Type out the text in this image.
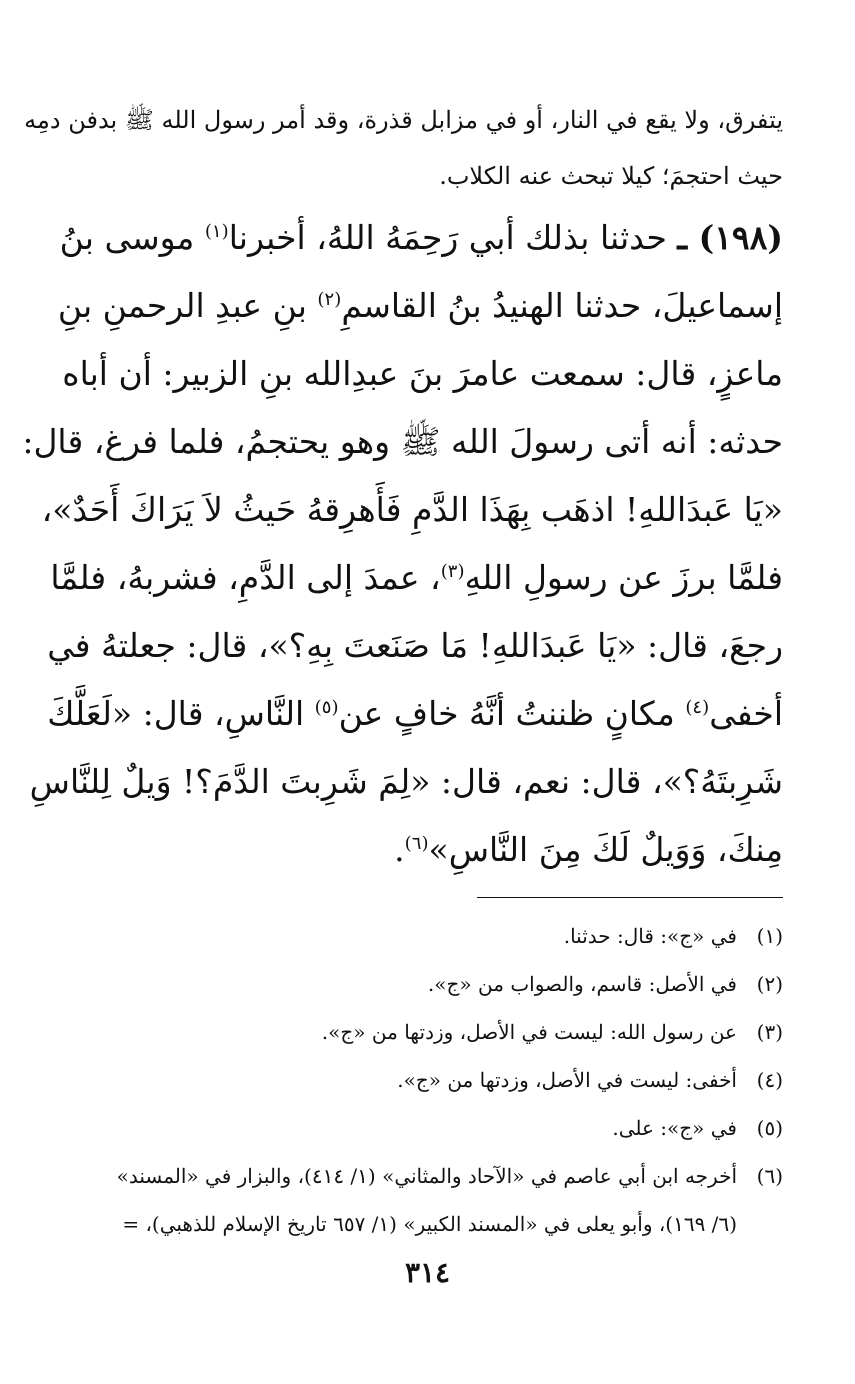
يتفرق، ولا يقع في النار، أو في مزابل قذرة، وقد أمر رسول الله ﷺ بدفن دمِه
حيث احتجمَ؛ كيلا تبحث عنه الكلاب.
(١٩٨) ـ حدثنا بذلك أبي رَحِمَهُ اللهُ، أخبرنا$^{(١)}$ موسى بنُ
إسماعيلَ، حدثنا الهنيدُ بنُ القاسمِ$^{(٢)}$ بنِ عبدِ الرحمنِ بنِ
ماعزٍ، قال: سمعت عامرَ بنَ عبدِالله بنِ الزبير: أن أباه
حدثه: أنه أتى رسولَ الله ﷺ وهو يحتجمُ، فلما فرغ، قال:
«يَا عَبدَاللهِ! اذهَب بِهَذَا الدَّمِ فَأَهرِقهُ حَيثُ لاَ يَرَاكَ أَحَدٌ»،
فلمَّا برزَ عن رسولِ اللهِ$^{(٣)}$، عمدَ إلى الدَّمِ، فشربهُ، فلمَّا
رجعَ، قال: «يَا عَبدَاللهِ! مَا صَنَعتَ بِهِ؟»، قال: جعلتهُ في
أخفى$^{(٤)}$ مكانٍ ظننتُ أنَّهُ خافٍ عن$^{(٥)}$ النَّاسِ، قال: «لَعَلَّكَ
شَرِبتَهُ؟»، قال: نعم، قال: «لِمَ شَرِبتَ الدَّمَ؟! وَيلٌ لِلنَّاسِ
مِنكَ، وَوَيلٌ لَكَ مِنَ النَّاسِ»$^{(٦)}$.
(١)في «ج»: قال: حدثنا.
(٢)في الأصل: قاسم، والصواب من «ج».
(٣)عن رسول الله: ليست في الأصل، وزدتها من «ج».
(٤)أخفى: ليست في الأصل، وزدتها من «ج».
(٥)في «ج»: على.
(٦)أخرجه ابن أبي عاصم في «الآحاد والمثاني» (١/ ٤١٤)، والبزار في «المسند»
(٦/ ١٦٩)، وأبو يعلى في «المسند الكبير» (١/ ٦٥٧ تاريخ الإسلام للذهبي)، =
٣١٤
